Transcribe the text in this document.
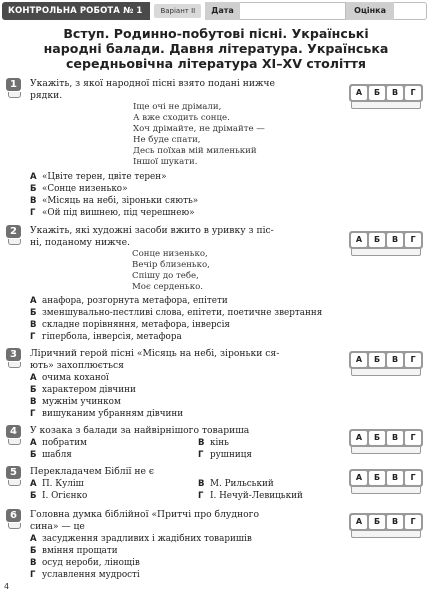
КОНТРОЛЬНА РОБОТА № 1	Варіант ІІ	Дата	Оцінка
Вступ. Родинно-побутові пісні. Українські
народні балади. Давня література. Українська
середньовічна література XI–XV століття
1	Укажіть, з якої народної пісні взято подані нижче
рядки.
Іще очі не дрімали,
А вже сходить сонце.
Хоч дрімайте, не дрімайте —
Не буде спати,
Десь поїхав мій миленький
Іншої шукати.
А «Цвіте терен, цвіте терен»
Б «Сонце низенько»
В «Місяць на небі, зіроньки сяють»
Г «Ой під вишнею, під черешнею»
А	Б	В	Г
2	Укажіть, які художні засоби вжито в уривку з піс-
ні, поданому нижче.
Сонце низенько,
Вечір близенько,
Спішу до тебе,
Моє серденько.
А анафора, розгорнута метафора, епітети
Б зменшувально-пестливі слова, епітети, поетичне звертання
В складне порівняння, метафора, інверсія
Г гіпербола, інверсія, метафора
А	Б	В	Г
3	Ліричний герой пісні «Місяць на небі, зіроньки ся-
ють» захоплюється
А очима коханої
Б характером дівчини
В мужнім учинком
Г вишуканим убранням дівчини
А	Б	В	Г
4	У козака з балади за найвірнішого товариша
А побратим	В кінь
Б шабля	Г рушниця
А	Б	В	Г
5	Перекладачем Біблії не є
А П. Куліш	В М. Рильський
Б І. Огієнко	Г І. Нечуй-Левицький
А	Б	В	Г
6	Головна думка біблійної «Притчі про блудного
сина» — це
А засудження зрадливих і жадібних товаришів
Б вміння прощати
В осуд нероби, лінощів
Г уславлення мудрості
А	Б	В	Г
4
